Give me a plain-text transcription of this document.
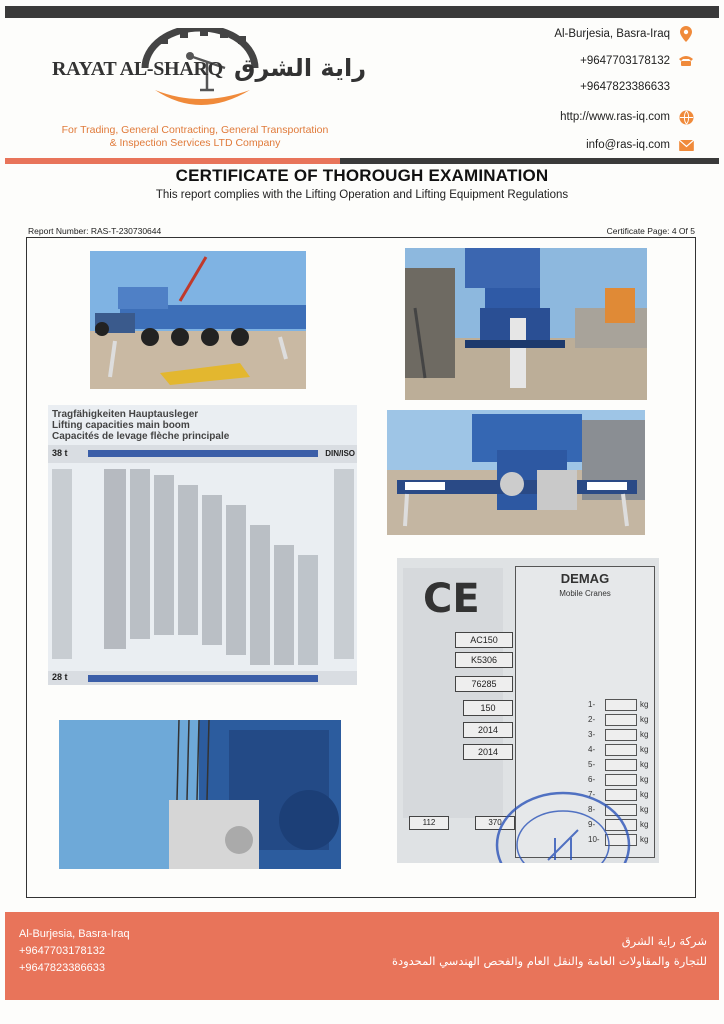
RAYAT AL-SHARQ راية الشرق
For Trading, General Contracting, General Transportation
& Inspection Services LTD Company
Al-Burjesia, Basra-Iraq
+9647703178132
+9647823386633
http://www.ras-iq.com
info@ras-iq.com
CERTIFICATE OF THOROUGH EXAMINATION
This report complies with the Lifting Operation and Lifting Equipment Regulations
Report Number: RAS-T-230730644	Certificate Page: 4 Of 5
Tragfähigkeiten Hauptausleger
Lifting capacities main boom
Capacités de levage flèche principale
38 t	DIN/ISO
28 t
CE
AC150
K5306
76285
150
2014
2014
112	370
DEMAG
Mobile Cranes
1-	kg
2-	kg
3-	kg
4-	kg
5-	kg
6-	kg
7-	kg
8-	kg
9-	kg
10-	kg
Al-Burjesia, Basra-Iraq
+9647703178132
+9647823386633
شركة راية الشرق
للتجارة والمقاولات العامة والنقل العام والفحص الهندسي المحدودة
